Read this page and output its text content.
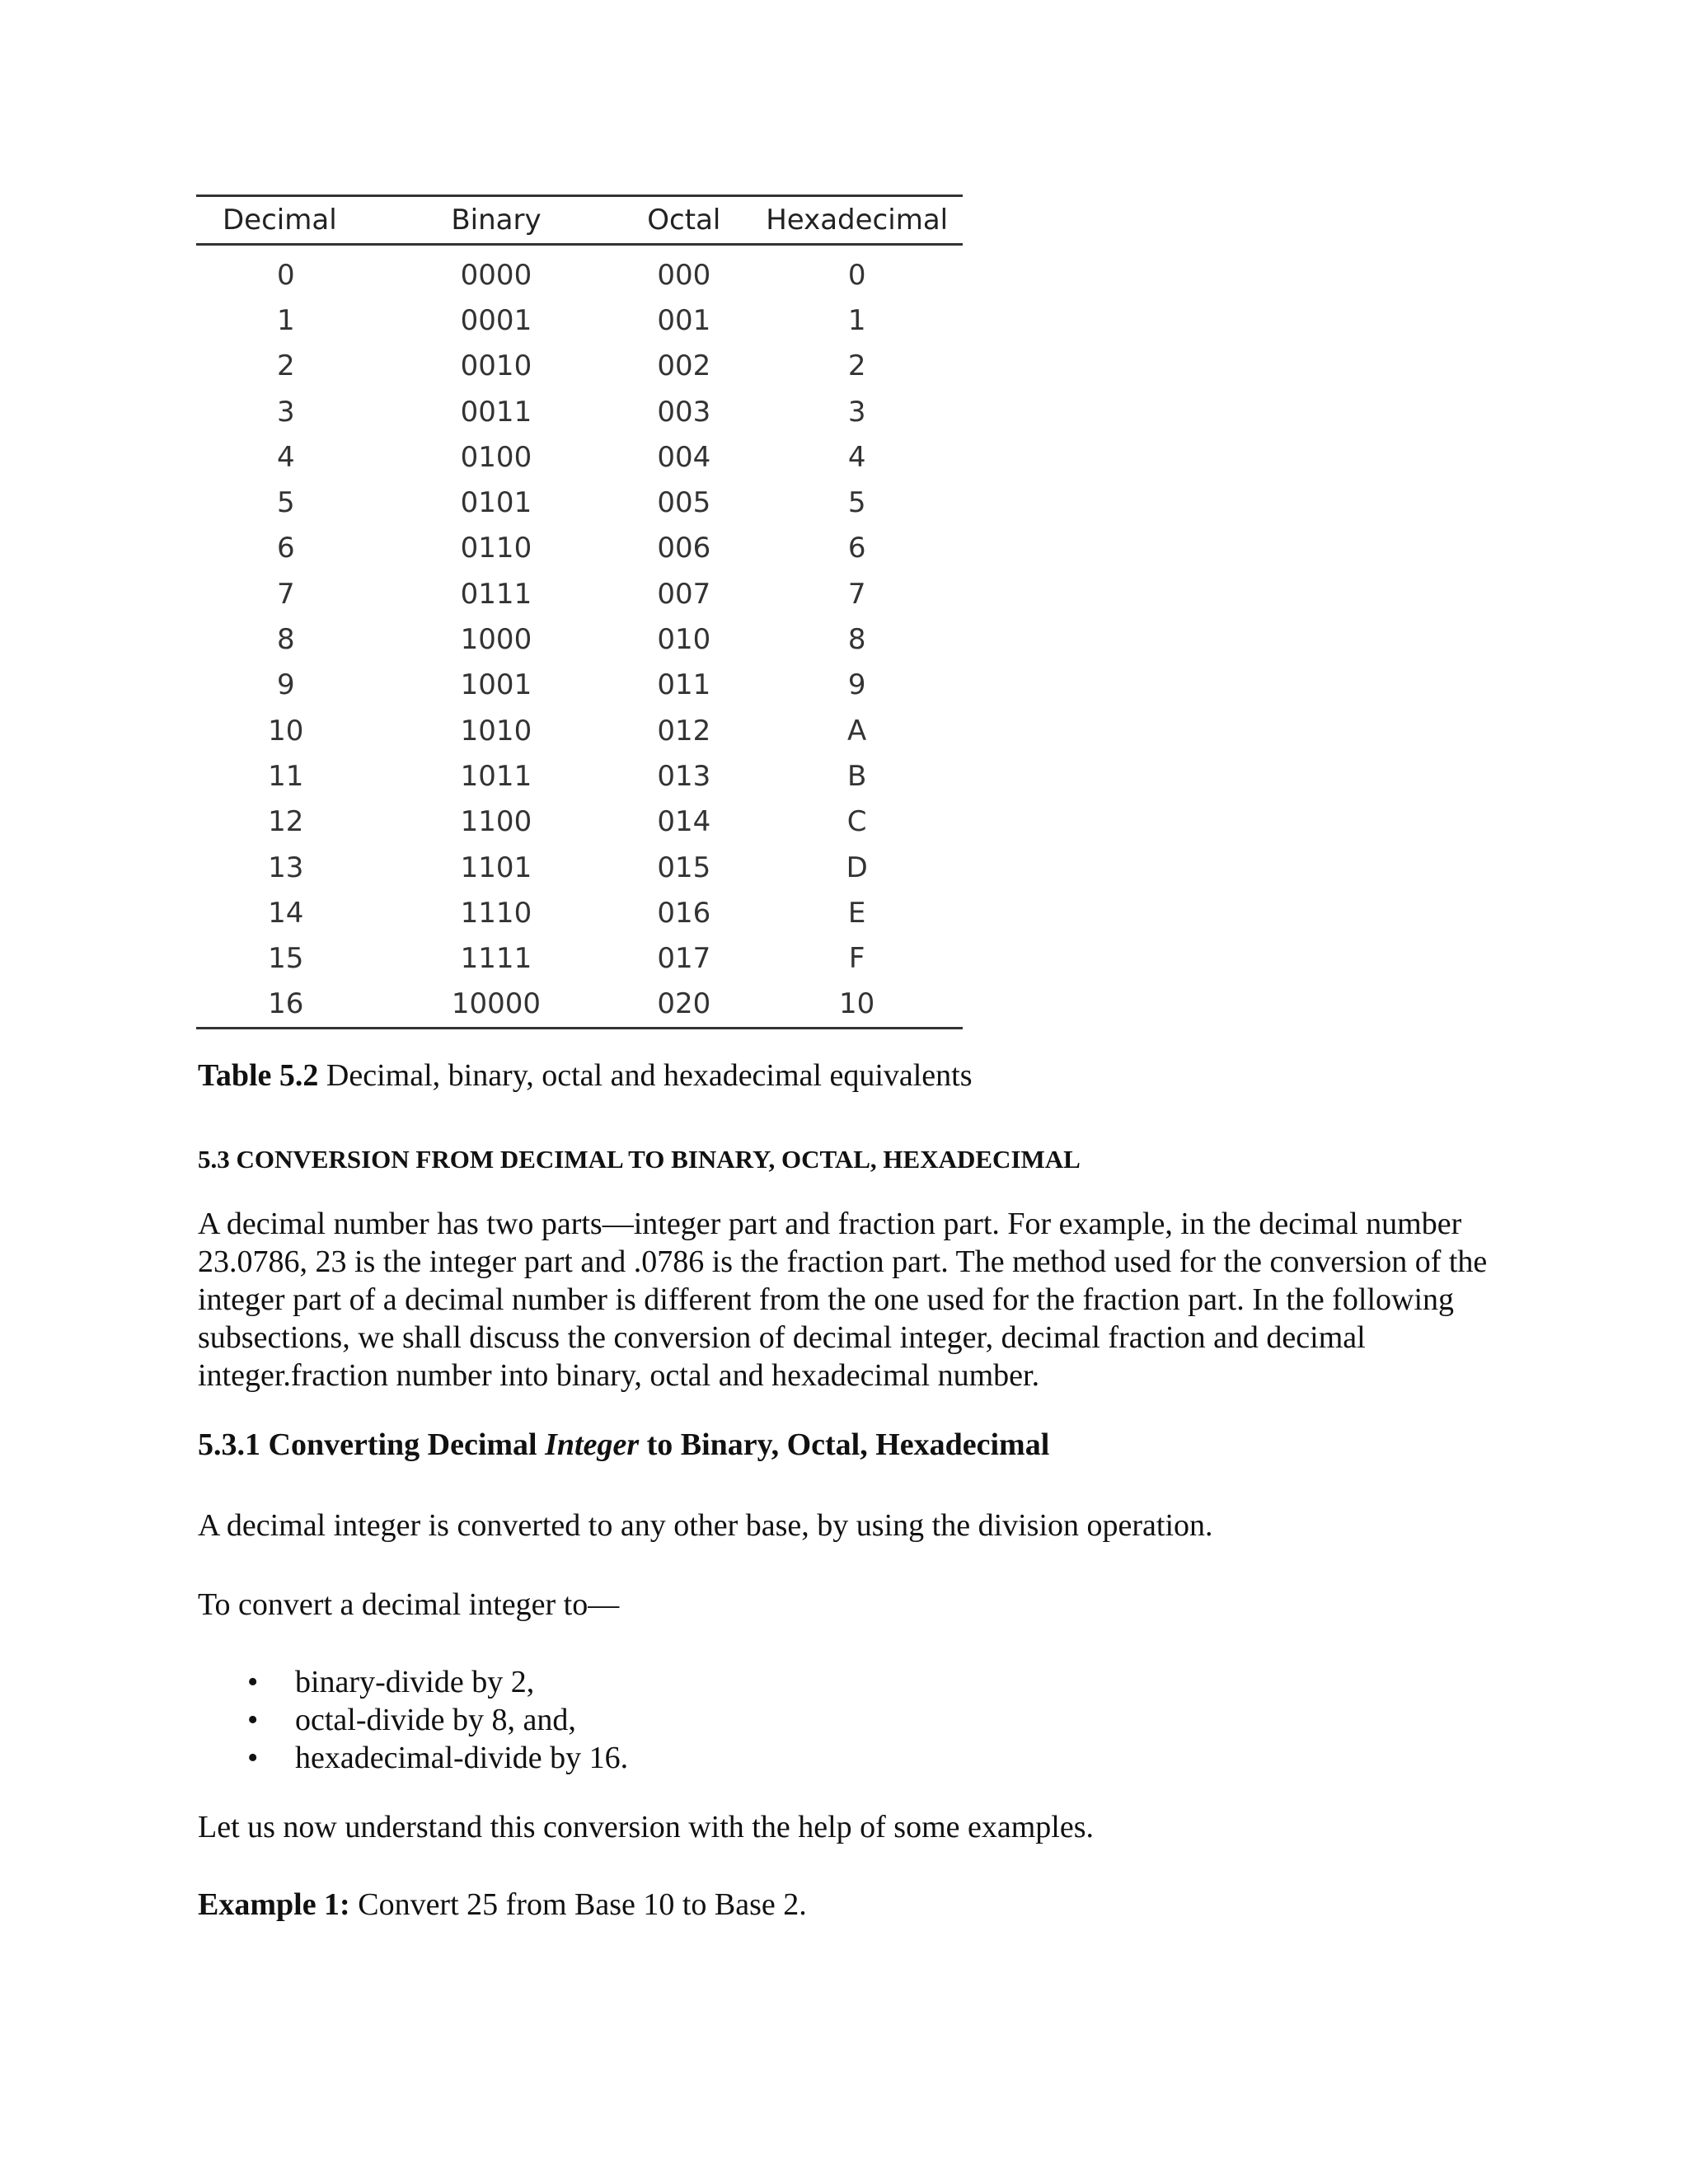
Decimal	Binary	Octal	Hexadecimal
0	0000	000	0
1	0001	001	1
2	0010	002	2
3	0011	003	3
4	0100	004	4
5	0101	005	5
6	0110	006	6
7	0111	007	7
8	1000	010	8
9	1001	011	9
10	1010	012	A
11	1011	013	B
12	1100	014	C
13	1101	015	D
14	1110	016	E
15	1111	017	F
16	10000	020	10
Table 5.2 Decimal, binary, octal and hexadecimal equivalents
5.3 CONVERSION FROM DECIMAL TO BINARY, OCTAL, HEXADECIMAL
A decimal number has two parts—integer part and fraction part. For example, in the decimal number 23.0786, 23 is the integer part and .0786 is the fraction part. The method used for the conversion of the integer part of a decimal number is different from the one used for the fraction part. In the following subsections, we shall discuss the conversion of decimal integer, decimal fraction and decimal integer.fraction number into binary, octal and hexadecimal number.
5.3.1 Converting Decimal Integer to Binary, Octal, Hexadecimal
A decimal integer is converted to any other base, by using the division operation.
To convert a decimal integer to—
• binary-divide by 2,
• octal-divide by 8, and,
• hexadecimal-divide by 16.
Let us now understand this conversion with the help of some examples.
Example 1: Convert 25 from Base 10 to Base 2.
